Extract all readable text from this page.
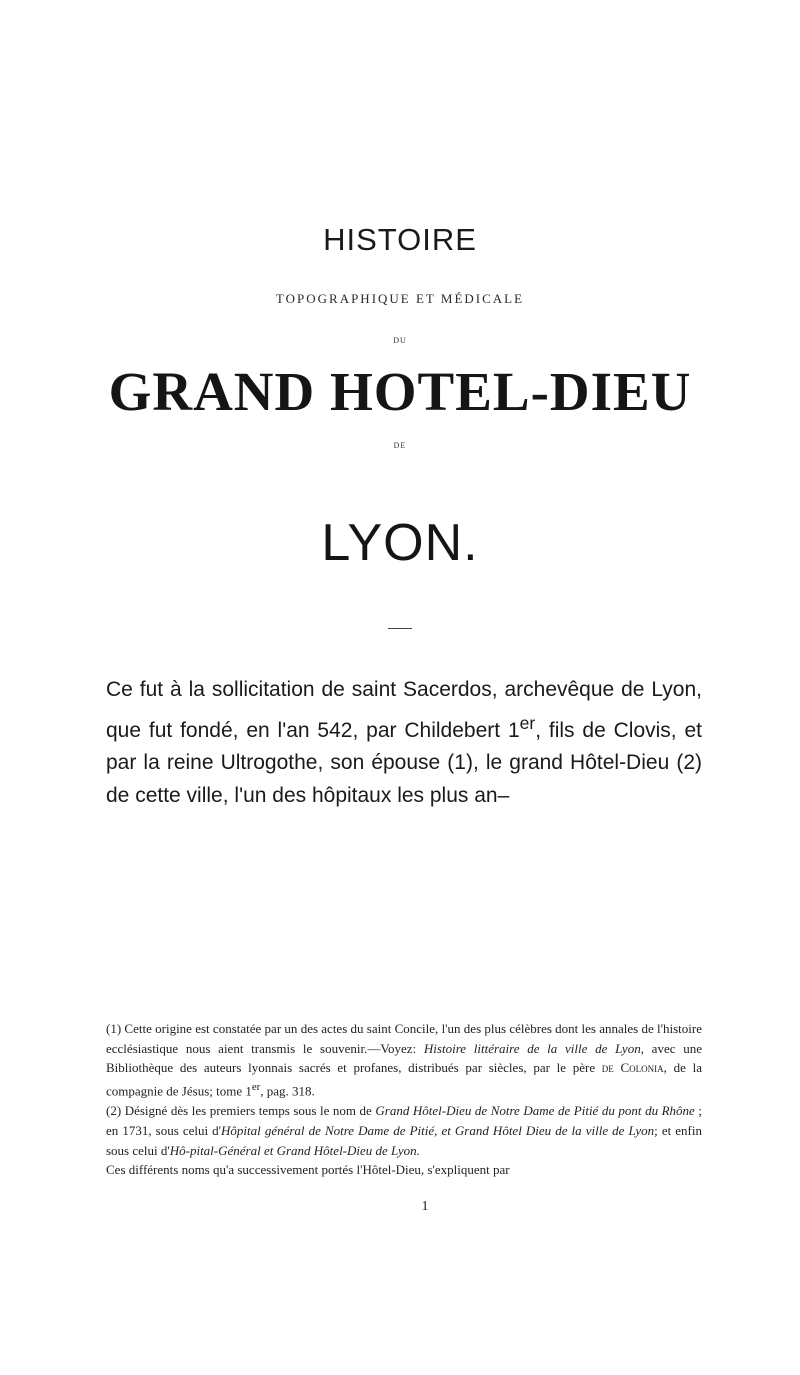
HISTOIRE
TOPOGRAPHIQUE ET MÉDICALE
DU
GRAND HOTEL-DIEU
DE
LYON.
Ce fut à la sollicitation de saint Sacerdos, archevêque de Lyon, que fut fondé, en l'an 542, par Childebert 1er, fils de Clovis, et par la reine Ultrogothe, son épouse (1), le grand Hôtel-Dieu (2) de cette ville, l'un des hôpitaux les plus an–

(1) Cette origine est constatée par un des actes du saint Concile, l'un des plus célèbres dont les annales de l'histoire ecclésiastique nous aient transmis le souvenir.—Voyez: Histoire littéraire de la ville de Lyon, avec une Bibliothèque des auteurs lyonnais sacrés et profanes, distribués par siècles, par le père de Colonia, de la compagnie de Jésus; tome 1er, pag. 318.

(2) Désigné dès les premiers temps sous le nom de Grand Hôtel-Dieu de Notre Dame de Pitié du pont du Rhône ; en 1731, sous celui d'Hôpital général de Notre Dame de Pitié, et Grand Hôtel Dieu de la ville de Lyon; et enfin sous celui d'Hô-pital-Général et Grand Hôtel-Dieu de Lyon.

Ces différents noms qu'a successivement portés l'Hôtel-Dieu, s'expliquent par

1
